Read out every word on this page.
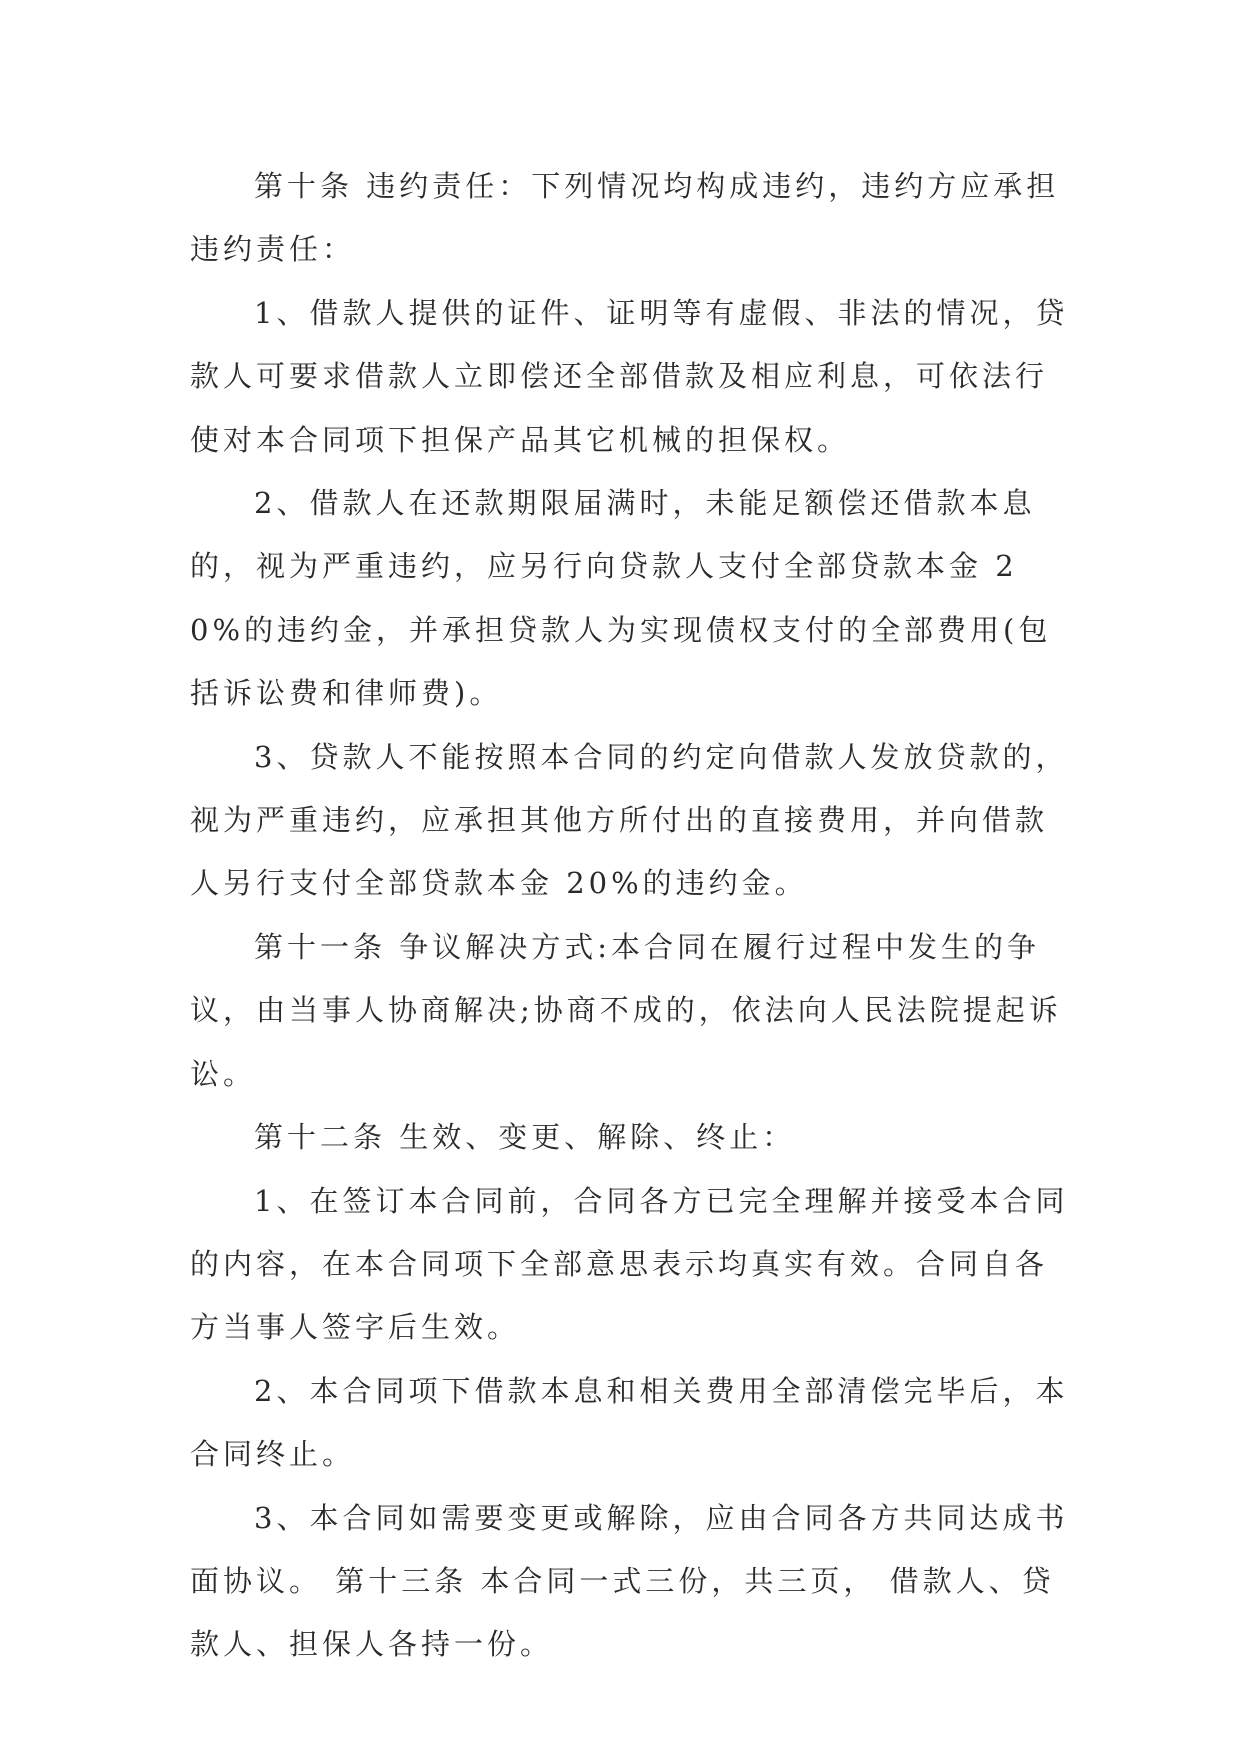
第十条 违约责任：下列情况均构成违约，违约方应承担违约责任：

1、借款人提供的证件、证明等有虚假、非法的情况，贷款人可要求借款人立即偿还全部借款及相应利息，可依法行使对本合同项下担保产品其它机械的担保权。

2、借款人在还款期限届满时，未能足额偿还借款本息的，视为严重违约，应另行向贷款人支付全部贷款本金 20%的违约金，并承担贷款人为实现债权支付的全部费用(包括诉讼费和律师费)。

3、贷款人不能按照本合同的约定向借款人发放贷款的，视为严重违约，应承担其他方所付出的直接费用，并向借款人另行支付全部贷款本金 20%的违约金。

第十一条 争议解决方式:本合同在履行过程中发生的争议，由当事人协商解决;协商不成的，依法向人民法院提起诉讼。

第十二条 生效、变更、解除、终止：

1、在签订本合同前，合同各方已完全理解并接受本合同的内容，在本合同项下全部意思表示均真实有效。合同自各方当事人签字后生效。

2、本合同项下借款本息和相关费用全部清偿完毕后，本合同终止。

3、本合同如需要变更或解除，应由合同各方共同达成书面协议。 第十三条 本合同一式三份，共三页， 借款人、贷款人、担保人各持一份。
